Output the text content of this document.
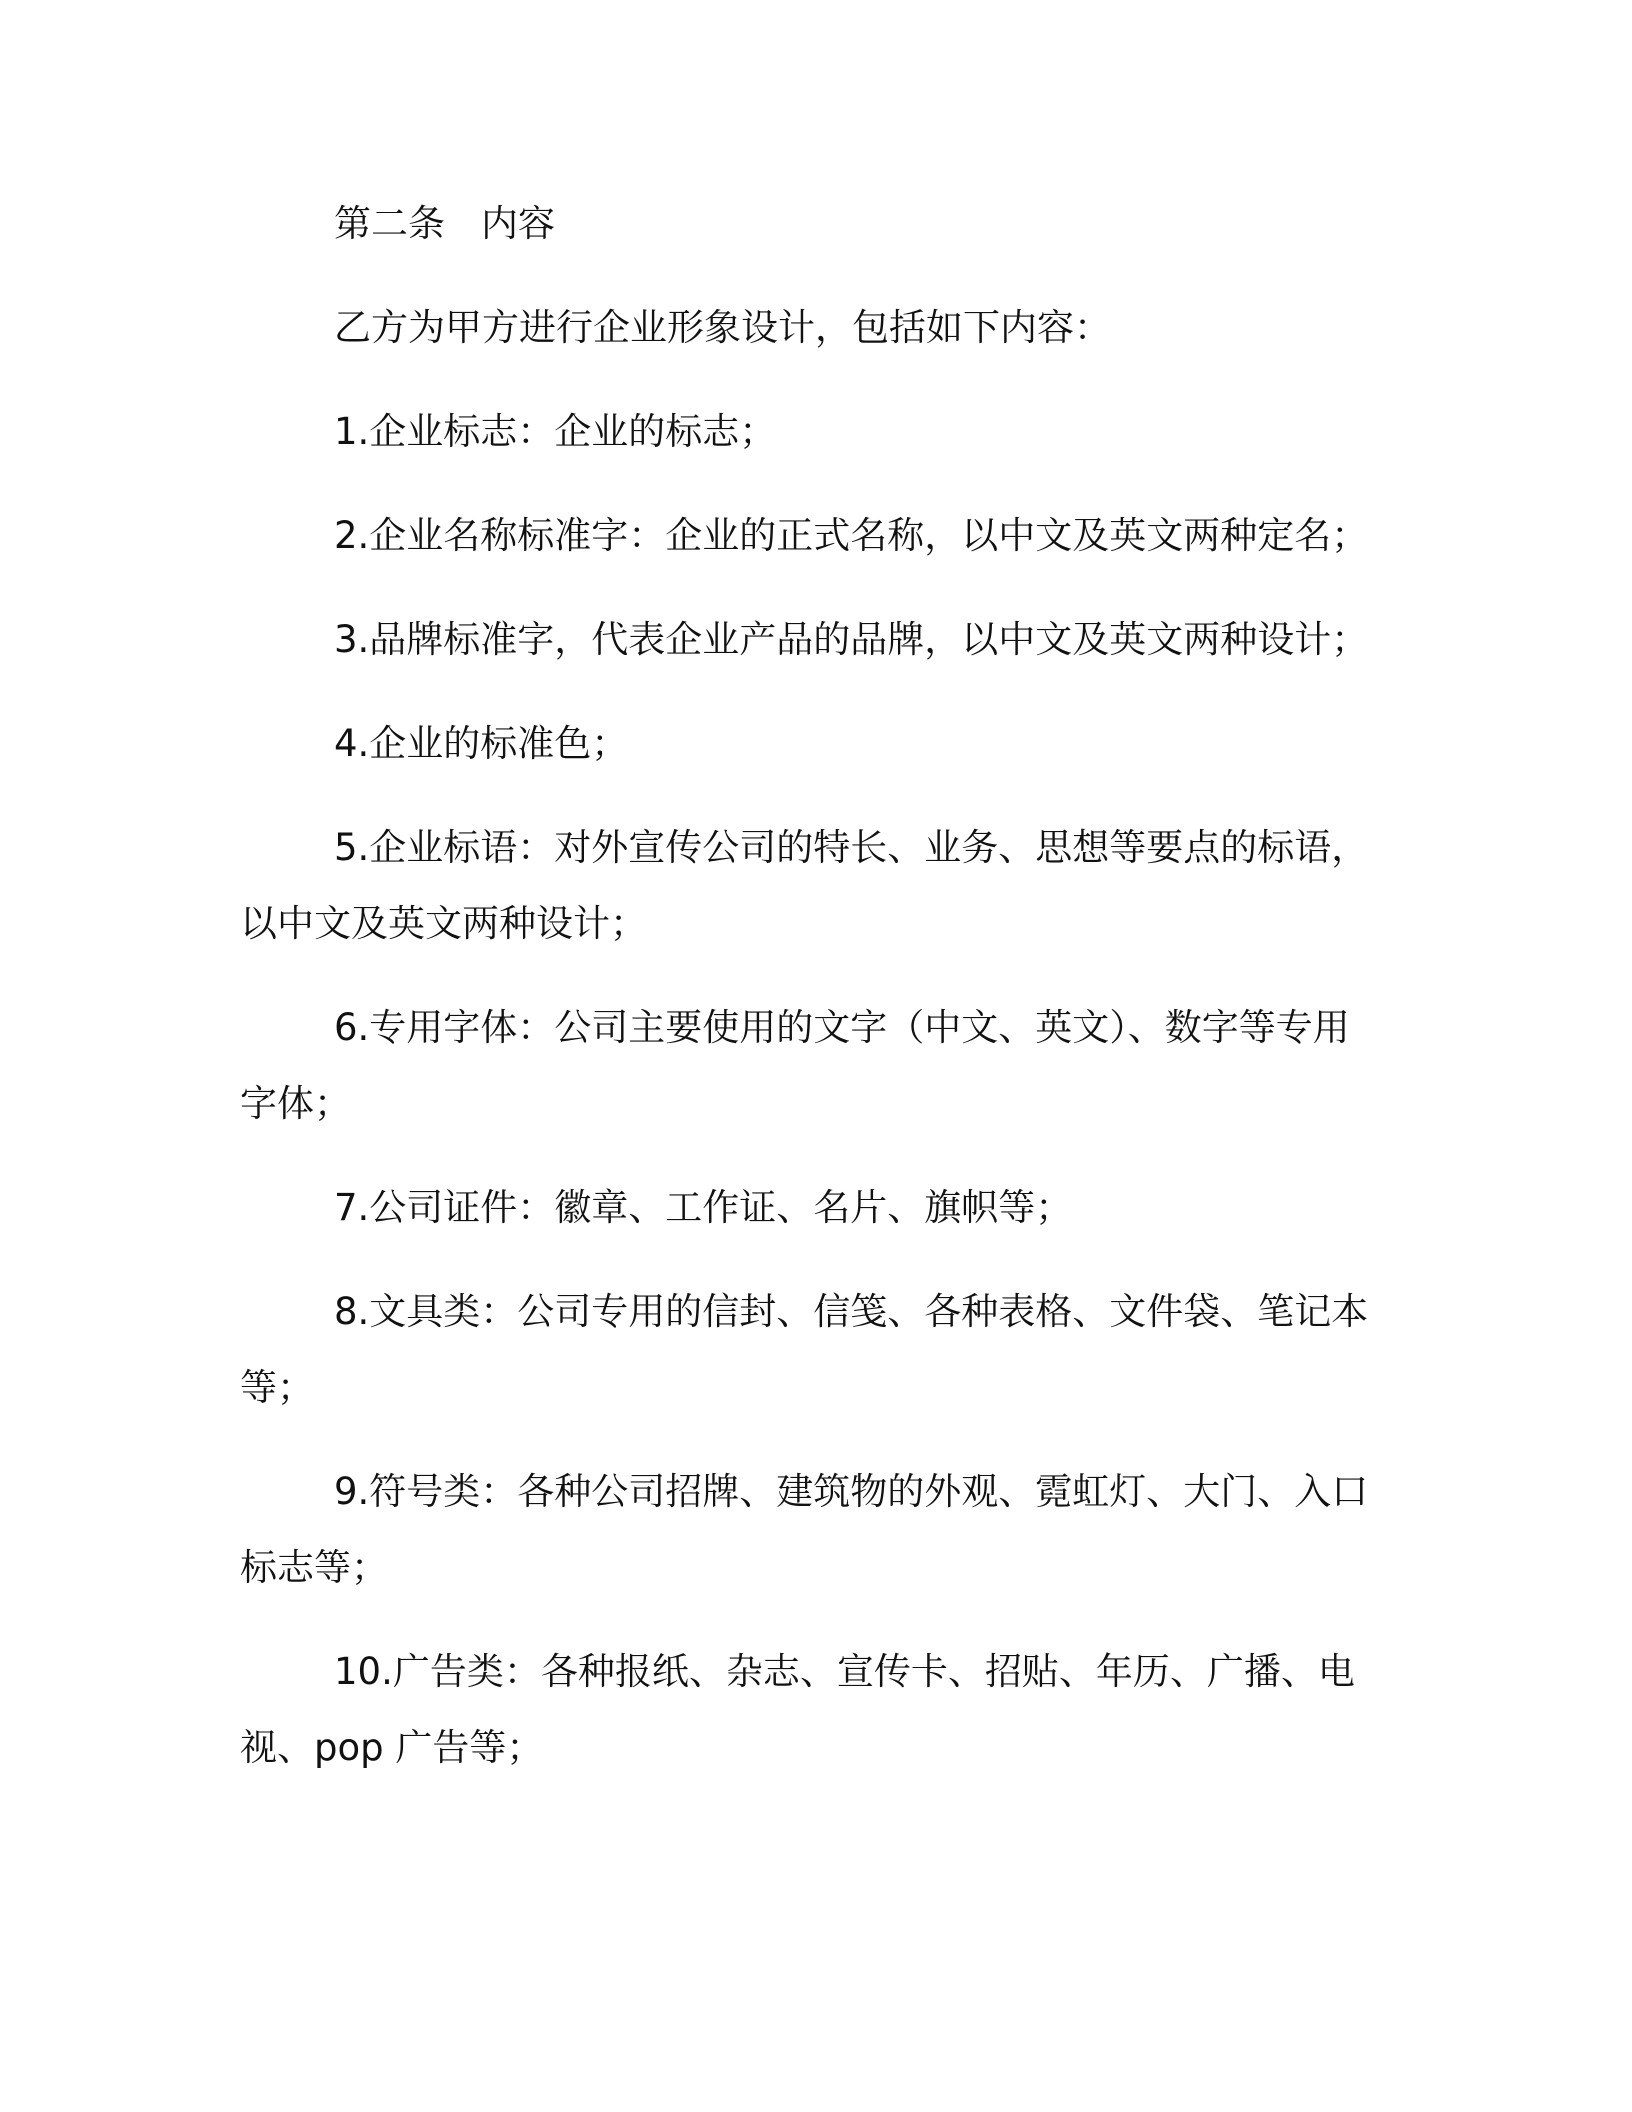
第二条 内容

乙方为甲方进行企业形象设计，包括如下内容：

1.企业标志：企业的标志；

2.企业名称标准字：企业的正式名称，以中文及英文两种定名；

3.品牌标准字，代表企业产品的品牌，以中文及英文两种设计；

4.企业的标准色；

5.企业标语：对外宣传公司的特长、业务、思想等要点的标语，以中文及英文两种设计；

6.专用字体：公司主要使用的文字（中文、英文）、数字等专用字体；

7.公司证件：徽章、工作证、名片、旗帜等；

8.文具类：公司专用的信封、信笺、各种表格、文件袋、笔记本等；

9.符号类：各种公司招牌、建筑物的外观、霓虹灯、大门、入口标志等；

10.广告类：各种报纸、杂志、宣传卡、招贴、年历、广播、电视、pop 广告等；
